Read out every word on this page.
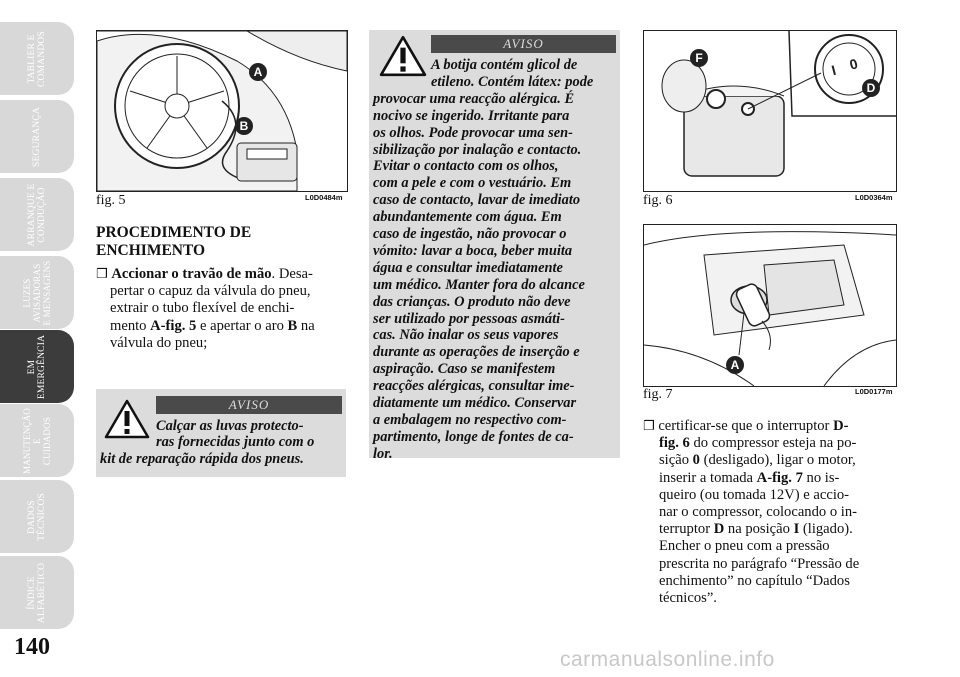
TABLIER E
COMANDOS
SEGURANÇA
ARRANQUE E
CONDUÇÃO
LUZES
AVISADORAS
E MENSAGENS
EM
EMERGÊNCIA
MANUTENÇÃO E
CUIDADOS
DADOS
TÉCNICOS
ÍNDICE
ALFABÉTICO
140
A
B
fig. 5	L0D0484m
PROCEDIMENTO DE
ENCHIMENTO
❒ Accionar o travão de mão. Desa-
pertar o capuz da válvula do pneu,
extrair o tubo flexível de enchi-
mento A-fig. 5 e apertar o aro B na
válvula do pneu;
AVISO
Calçar as luvas protecto-
ras fornecidas junto com o
kit de reparação rápida dos pneus.
AVISO
A botija contém glicol de
etileno. Contém látex: pode
provocar uma reacção alérgica. É
nocivo se ingerido. Irritante para
os olhos. Pode provocar uma sen-
sibilização por inalação e contacto.
Evitar o contacto com os olhos,
com a pele e com o vestuário. Em
caso de contacto, lavar de imediato
abundantemente com água. Em
caso de ingestão, não provocar o
vómito: lavar a boca, beber muita
água e consultar imediatamente
um médico. Manter fora do alcance
das crianças. O produto não deve
ser utilizado por pessoas asmáti-
cas. Não inalar os seus vapores
durante as operações de inserção e
aspiração. Caso se manifestem
reacções alérgicas, consultar ime-
diatamente um médico. Conservar
a embalagem no respectivo com-
partimento, longe de fontes de ca-
lor.
I 0
F
D
fig. 6	L0D0364m
A
fig. 7	L0D0177m
❒ certificar-se que o interruptor D-
fig. 6 do compressor esteja na po-
sição 0 (desligado), ligar o motor,
inserir a tomada A-fig. 7 no is-
queiro (ou tomada 12V) e accio-
nar o compressor, colocando o in-
terruptor D na posição I (ligado).
Encher o pneu com a pressão
prescrita no parágrafo “Pressão de
enchimento” no capítulo “Dados
técnicos”.
carmanualsonline.info
